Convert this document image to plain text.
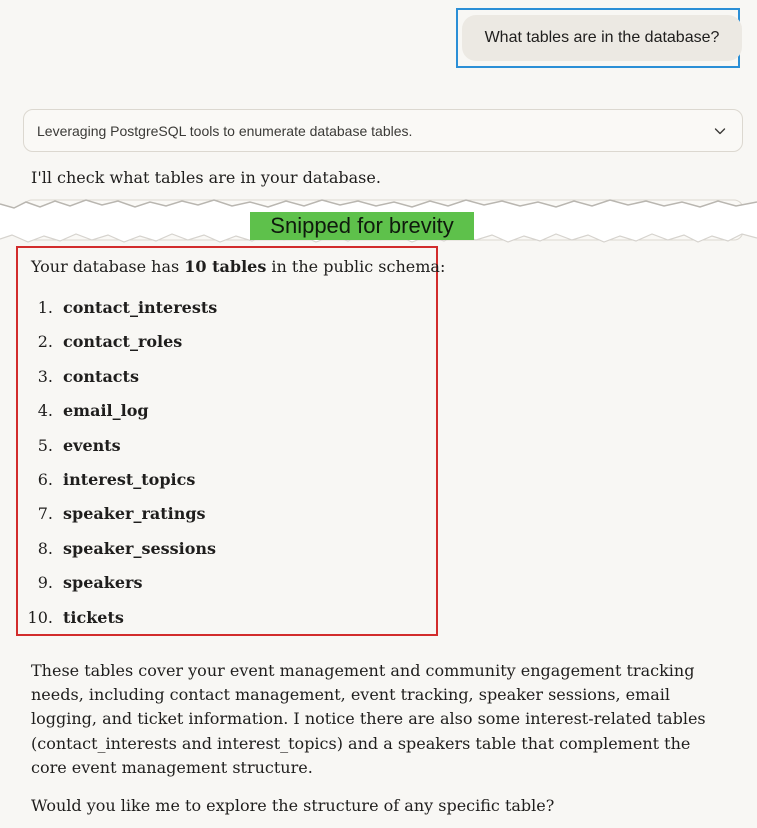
What tables are in the database?
Leveraging PostgreSQL tools to enumerate database tables.
I'll check what tables are in your database.
Snipped for brevity
Your database has 10 tables in the public schema:
1. contact_interests
2. contact_roles
3. contacts
4. email_log
5. events
6. interest_topics
7. speaker_ratings
8. speaker_sessions
9. speakers
10. tickets
These tables cover your event management and community engagement tracking needs, including contact management, event tracking, speaker sessions, email logging, and ticket information. I notice there are also some interest-related tables (contact_interests and interest_topics) and a speakers table that complement the core event management structure.
Would you like me to explore the structure of any specific table?
